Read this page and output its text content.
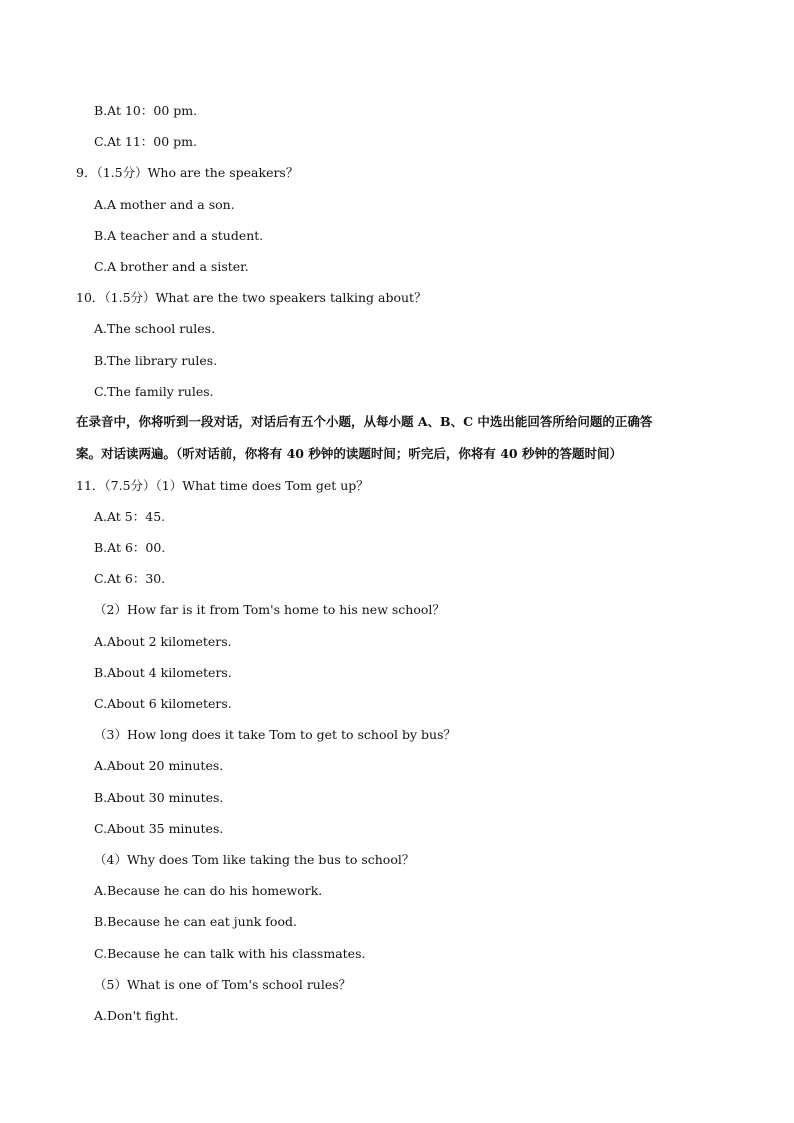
B.At 10：00 pm.
C.At 11：00 pm.
9．（1.5分）Who are the speakers？
A.A mother and a son.
B.A teacher and a student.
C.A brother and a sister.
10．（1.5分）What are the two speakers talking about？
A.The school rules.
B.The library rules.
C.The family rules.
在录音中，你将听到一段对话，对话后有五个小题，从每小题 A、B、C 中选出能回答所给问题的正确答
案。对话读两遍。（听对话前，你将有 40 秒钟的读题时间；听完后，你将有 40 秒钟的答题时间）
11．（7.5分）（1）What time does Tom get up？
A.At 5：45.
B.At 6：00.
C.At 6：30.
（2）How far is it from Tom's home to his new school？
A.About 2 kilometers.
B.About 4 kilometers.
C.About 6 kilometers.
（3）How long does it take Tom to get to school by bus？
A.About 20 minutes.
B.About 30 minutes.
C.About 35 minutes.
（4）Why does Tom like taking the bus to school？
A.Because he can do his homework.
B.Because he can eat junk food.
C.Because he can talk with his classmates.
（5）What is one of Tom's school rules？
A.Don't fight.
